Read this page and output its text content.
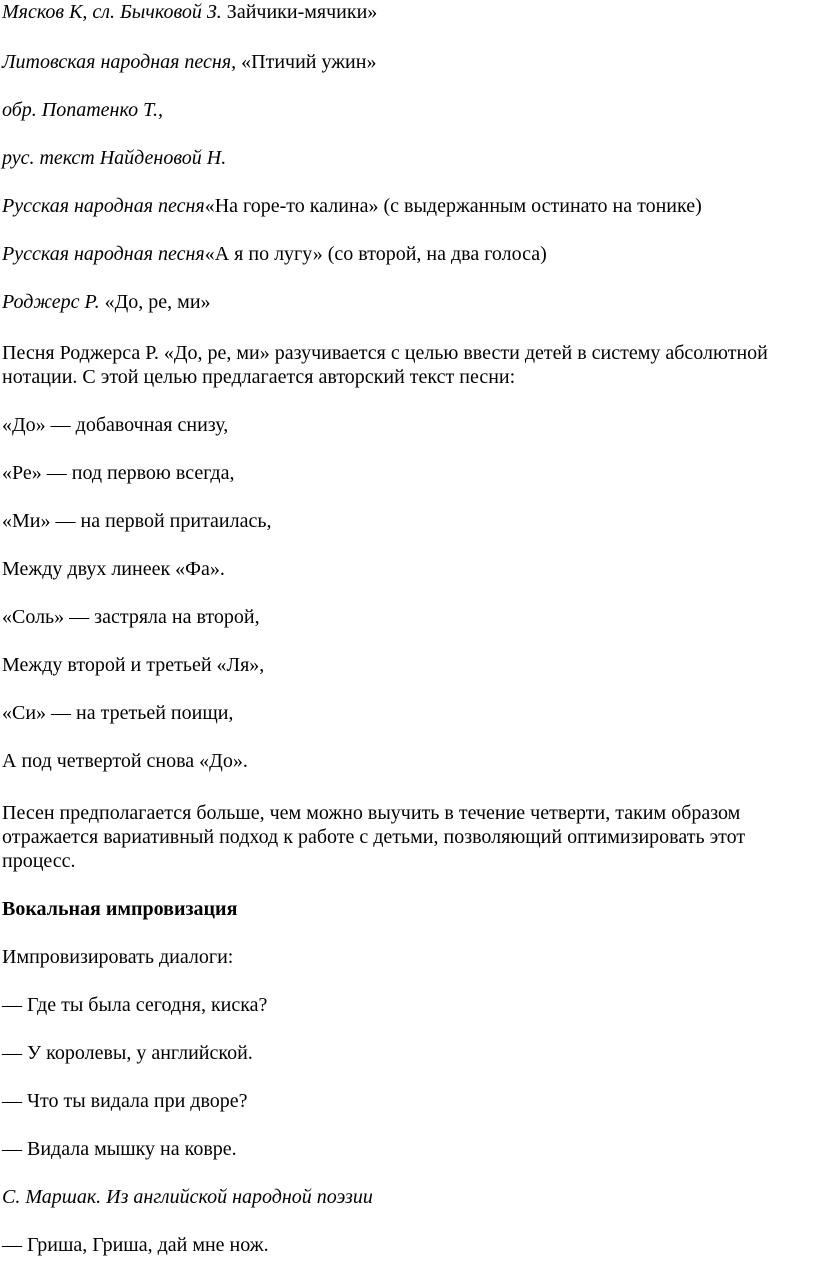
Мясков К, сл. Бычковой З. Зайчики-мячики»

Литовская народная песня, «Птичий ужин»

обр. Попатенко Т.,

рус. текст Найденовой Н.

Русская народная песня«На горе-то калина» (с выдержанным остинато на тонике)

Русская народная песня«А я по лугу» (со второй, на два голоса)

Роджерс Р. «До, ре, ми»

Песня Роджерса Р. «До, ре, ми» разучивается с целью ввести детей в систему абсолютной нотации. С этой целью предлагается авторский текст песни:

«До» — добавочная снизу,

«Ре» — под первою всегда,

«Ми» — на первой притаилась,

Между двух линеек «Фа».

«Соль» — застряла на второй,

Между второй и третьей «Ля»,

«Си» — на третьей поищи,

А под четвертой снова «До».

Песен предполагается больше, чем можно выучить в течение четверти, таким образом отражается вариативный подход к работе с детьми, позволяющий оптимизировать этот процесс.

Вокальная импровизация

Импровизировать диалоги:

— Где ты была сегодня, киска?

— У королевы, у английской.

— Что ты видала при дворе?

— Видала мышку на ковре.

С. Маршак. Из английской народной поэзии

— Гриша, Гриша, дай мне нож.
